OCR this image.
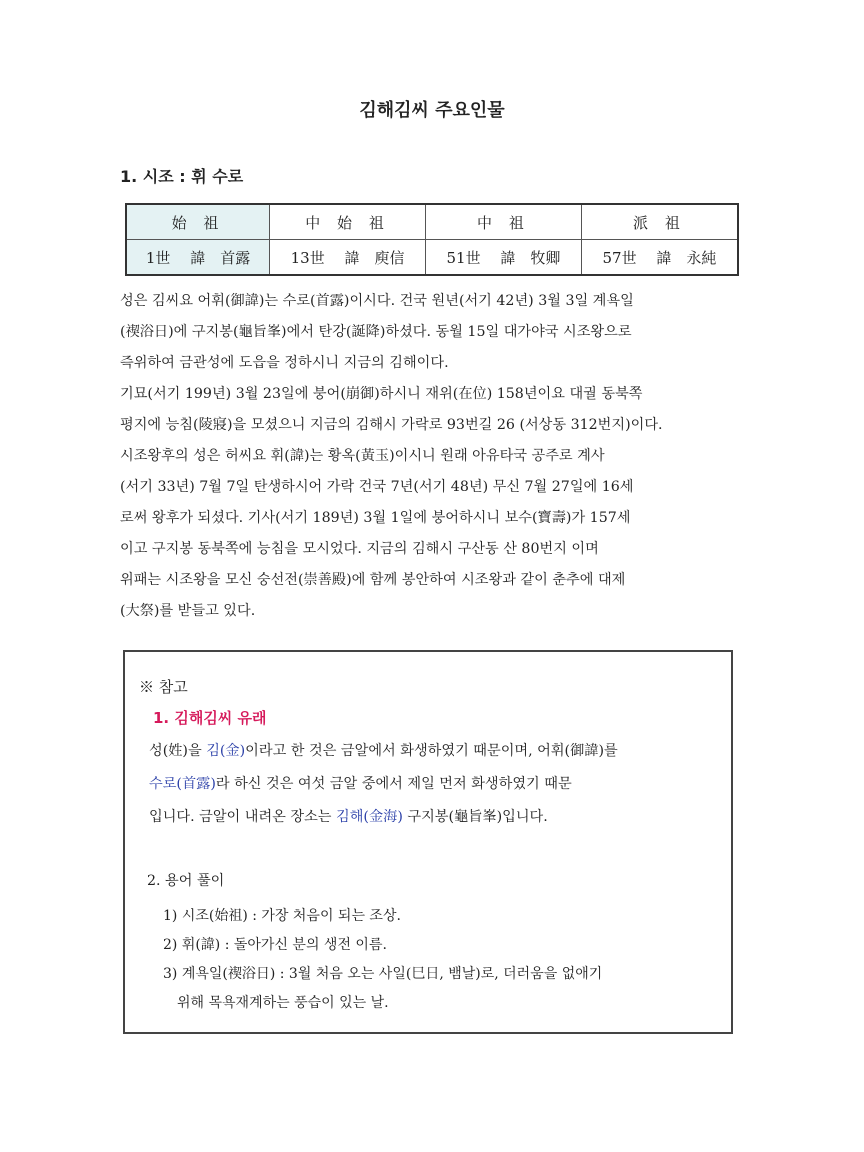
김해김씨 주요인물
1. 시조 : 휘 수로
始 祖	中 始 祖	中 祖	派 祖
1世　 諱　首露	13世　 諱　庾信	51世　 諱　牧卿	57世　 諱　永純

성은 김씨요 어휘(御諱)는 수로(首露)이시다. 건국 원년(서기 42년) 3월 3일 계욕일

(禊浴日)에 구지봉(龜旨峯)에서 탄강(誕降)하셨다. 동월 15일 대가야국 시조왕으로

즉위하여 금관성에 도읍을 정하시니 지금의 김해이다.

기묘(서기 199년) 3월 23일에 붕어(崩御)하시니 재위(在位) 158년이요 대궐 동북쪽

평지에 능침(陵寢)을 모셨으니 지금의 김해시 가락로 93번길 26 (서상동 312번지)이다.

시조왕후의 성은 허씨요 휘(諱)는 황옥(黃玉)이시니 원래 아유타국 공주로 계사

(서기 33년) 7월 7일 탄생하시어 가락 건국 7년(서기 48년) 무신 7월 27일에 16세

로써 왕후가 되셨다. 기사(서기 189년) 3월 1일에 붕어하시니 보수(寶壽)가 157세

이고 구지봉 동북쪽에 능침을 모시었다. 지금의 김해시 구산동 산 80번지 이며

위패는 시조왕을 모신 숭선전(崇善殿)에 함께 봉안하여 시조왕과 같이 춘추에 대제

(大祭)를 받들고 있다.

※ 참고
1. 김해김씨 유래
성(姓)을 김(金)이라고 한 것은 금알에서 화생하였기 때문이며, 어휘(御諱)를
수로(首露)라 하신 것은 여섯 금알 중에서 제일 먼저 화생하였기 때문
입니다. 금알이 내려온 장소는 김해(金海) 구지봉(龜旨峯)입니다.
2. 용어 풀이
1) 시조(始祖) : 가장 처음이 되는 조상.
2) 휘(諱) : 돌아가신 분의 생전 이름.
3) 계욕일(禊浴日) : 3월 처음 오는 사일(巳日, 뱀날)로, 더러움을 없애기
위해 목욕재계하는 풍습이 있는 날.
